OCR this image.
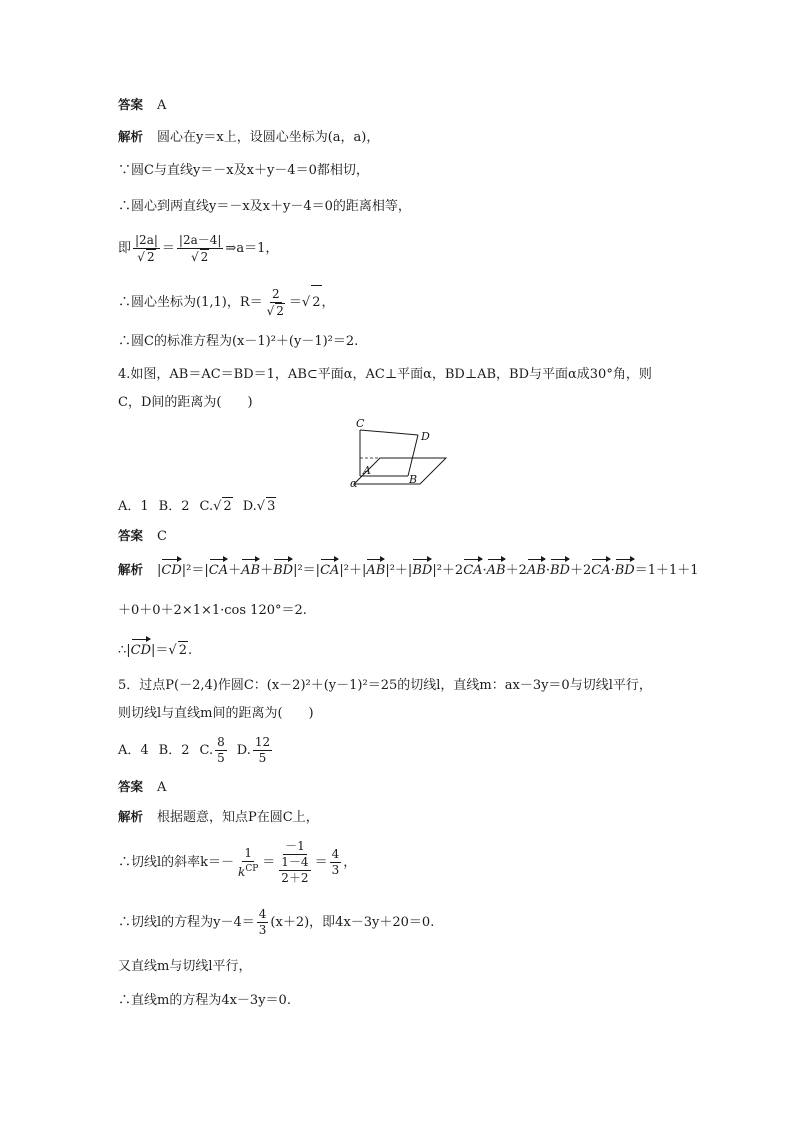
答案 A
解析 圆心在y＝x上，设圆心坐标为(a，a)，
∵圆C与直线y＝－x及x＋y－4＝0都相切，
∴圆心到两直线y＝－x及x＋y－4＝0的距离相等，
即 $\frac{|2a|}{√ 2} = \frac{|2a-4|}{√ 2}$ ⇒a＝1，
∴圆心坐标为(1,1)，$R= \frac{2}{√ 2}$ ＝√ 2，
∴圆C的标准方程为(x－1)²＋(y－1)²＝2.
4.如图，AB＝AC＝BD＝1，AB⊂平面α，AC⊥平面α，BD⊥AB，BD与平面α成30°角，则
C，D间的距离为(　　)
C
D
A
B
α
A．1 B．2 C.√ 2 D.√ 3
答案 C
解析 |CD|²＝|CA＋AB＋BD|²＝|CA|²＋|AB|²＋|BD|²＋2CA·AB＋2AB·BD＋2CA·BD＝1＋1＋1
＋0＋0＋2×1×1·cos 120°＝2.
∴|CD|＝√ 2.
5．过点P(－2,4)作圆C：(x－2)²＋(y－1)²＝25的切线l，直线m：ax－3y＝0与切线l平行，
则切线l与直线m间的距离为(　　)
A．4 B．2 C. $\frac{8}{5} D$. $\frac{12}{5}$
答案 A
解析 根据题意，知点P在圆C上，
∴切线l的斜率$k=- \frac{1}{k^{CP}} = \frac{-1}{\frac{1-4}{2+2}} = \frac{4}{3}$ ，
∴切线l的方程为$y-4= \frac{4}{3} (x+2)$，即4x－3y＋20＝0.
又直线m与切线l平行，
∴直线m的方程为4x－3y＝0.
